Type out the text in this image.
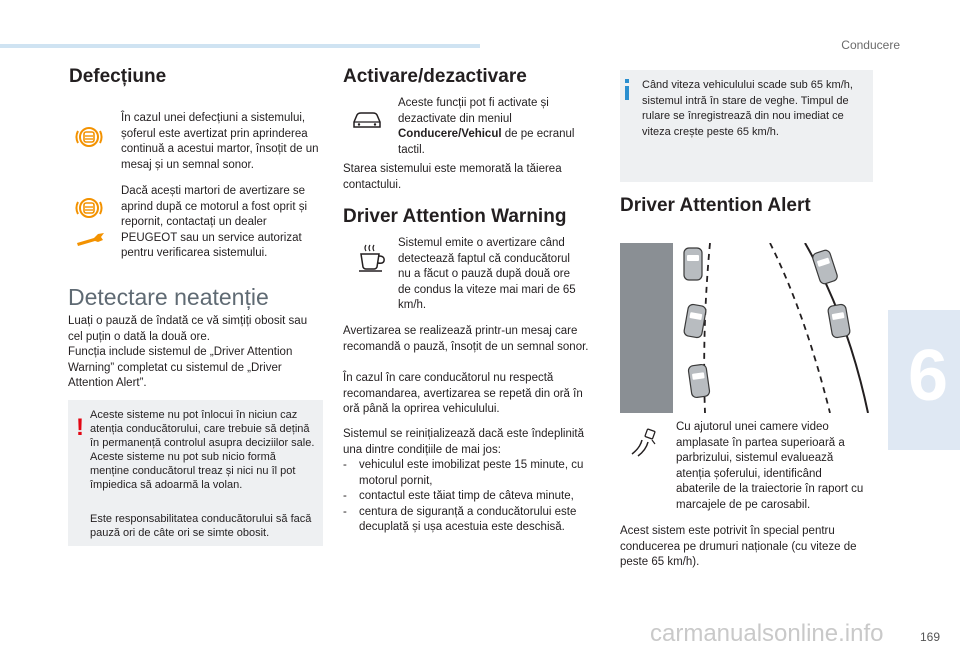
Conducere
6
Defecțiune
În cazul unei defecțiuni a sistemului, șoferul este avertizat prin aprinderea continuă a acestui martor, însoțit de un mesaj și un semnal sonor.
Dacă acești martori de avertizare se aprind după ce motorul a fost oprit și repornit, contactați un dealer PEUGEOT sau un service autorizat pentru verificarea sistemului.
Detectare neatenție
Luați o pauză de îndată ce vă simțiți obosit sau cel puțin o dată la două ore.
Funcția include sistemul de „Driver Attention Warning” completat cu sistemul de „Driver Attention Alert”.
! Aceste sisteme nu pot înlocui în niciun caz atenția conducătorului, care trebuie să dețină în permanență controlul asupra deciziilor sale. Aceste sisteme nu pot sub nicio formă menține conducătorul treaz și nici nu îl pot împiedica să adoarmă la volan.
Este responsabilitatea conducătorului să facă pauză ori de câte ori se simte obosit.
Activare/dezactivare
Aceste funcții pot fi activate și dezactivate din meniul Conducere/Vehicul de pe ecranul tactil.
Starea sistemului este memorată la tăierea contactului.
Driver Attention Warning
Sistemul emite o avertizare când detectează faptul că conducătorul nu a făcut o pauză după două ore de condus la viteze mai mari de 65 km/h.
Avertizarea se realizează printr-un mesaj care recomandă o pauză, însoțit de un semnal sonor.
În cazul în care conducătorul nu respectă recomandarea, avertizarea se repetă din oră în oră până la oprirea vehiculului.
Sistemul se reinițializează dacă este îndeplinită una dintre condițiile de mai jos:
-	vehiculul este imobilizat peste 15 minute, cu motorul pornit,
-	contactul este tăiat timp de câteva minute,
-	centura de siguranță a conducătorului este decuplată și ușa acestuia este deschisă.
Când viteza vehiculului scade sub 65 km/h, sistemul intră în stare de veghe. Timpul de rulare se înregistrează din nou imediat ce viteza crește peste 65 km/h.
Driver Attention Alert
Cu ajutorul unei camere video amplasate în partea superioară a parbrizului, sistemul evaluează atenția șoferului, identificând abaterile de la traiectorie în raport cu marcajele de pe carosabil.
Acest sistem este potrivit în special pentru conducerea pe drumuri naționale (cu viteze de peste 65 km/h).
169
carmanualsonline.info
